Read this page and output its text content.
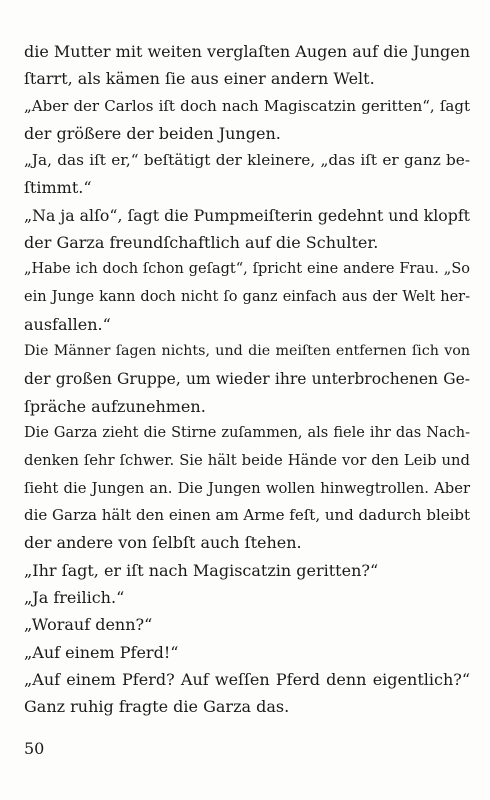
die Mutter mit weiten verglaſten Augen auf die Jungen
ſtarrt, als kämen ſie aus einer andern Welt.
„Aber der Carlos iſt doch nach Magiscatzin geritten“, ſagt
der größere der beiden Jungen.
„Ja, das iſt er,“ beſtätigt der kleinere, „das iſt er ganz be-
ſtimmt.“
„Na ja alſo“, ſagt die Pumpmeiſterin gedehnt und klopft
der Garza freundſchaftlich auf die Schulter.
„Habe ich doch ſchon geſagt“, ſpricht eine andere Frau. „So
ein Junge kann doch nicht ſo ganz einfach aus der Welt her-
ausfallen.“
Die Männer ſagen nichts, und die meiſten entfernen ſich von
der großen Gruppe, um wieder ihre unterbrochenen Ge-
ſpräche aufzunehmen.
Die Garza zieht die Stirne zuſammen, als fiele ihr das Nach-
denken ſehr ſchwer. Sie hält beide Hände vor den Leib und
ſieht die Jungen an. Die Jungen wollen hinwegtrollen. Aber
die Garza hält den einen am Arme feſt, und dadurch bleibt
der andere von ſelbſt auch ſtehen.
„Ihr ſagt, er iſt nach Magiscatzin geritten?“
„Ja freilich.“
„Worauf denn?“
„Auf einem Pferd!“
„Auf einem Pferd? Auf weſſen Pferd denn eigentlich?“
Ganz ruhig fragte die Garza das.
50
